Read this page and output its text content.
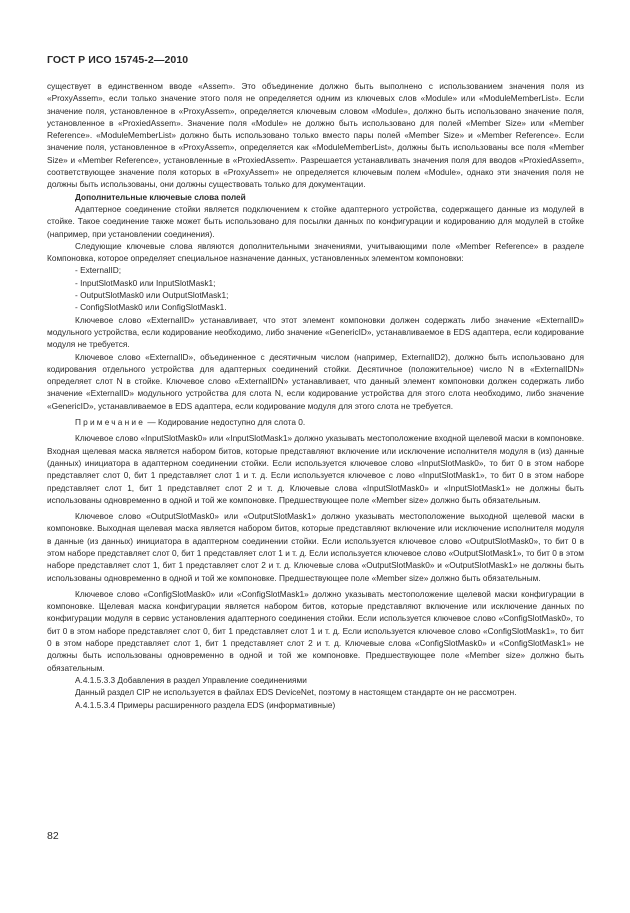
ГОСТ Р ИСО 15745-2—2010

существует в единственном вводе «Assem». Это объединение должно быть выполнено с использованием значения поля из «ProxyAssem», если только значение этого поля не определяется одним из ключевых слов «Module» или «ModuleMemberList». Если значение поля, установленное в «ProxyAssem», определяется ключевым словом «Module», должно быть использовано значение поля, установленное в «ProxiedAssem». Значение поля «Module» не должно быть использовано для полей «Member Size» или «Member Reference». «ModuleMemberList» должно быть использовано только вместо пары полей «Member Size» и «Member Reference». Если значение поля, установленное в «ProxyAssem», определяется как «ModuleMemberList», должны быть использованы все поля «Member Size» и «Member Reference», установленные в «ProxiedAssem». Разрешается устанавливать значения поля для вводов «ProxiedAssem», соответствующее значение поля которых в «ProxyAssem» не определяется ключевым полем «Module», однако эти значения поля не должны быть использованы, они должны существовать только для документации.

Дополнительные ключевые слова полей

Адаптерное соединение стойки является подключением к стойке адаптерного устройства, содержащего данные из модулей в стойке. Такое соединение также может быть использовано для посылки данных по конфигурации и кодированию для модулей в стойке (например, при установлении соединения).

Следующие ключевые слова являются дополнительными значениями, учитывающими поле «Member Reference» в разделе Компоновка, которое определяет специальное назначение данных, установленных элементом компоновки:

- ExternalID;

- InputSlotMask0 или InputSlotMask1;

- OutputSlotMask0 или OutputSlotMask1;

- ConfigSlotMask0 или ConfigSlotMask1.

Ключевое слово «ExternalID» устанавливает, что этот элемент компоновки должен содержать либо значение «ExternalID» модульного устройства, если кодирование необходимо, либо значение «GenericID», устанавливаемое в EDS адаптера, если кодирование модуля не требуется.

Ключевое слово «ExternalID», объединенное с десятичным числом (например, ExternalID2), должно быть использовано для кодирования отдельного устройства для адаптерных соединений стойки. Десятичное (положительное) число N в «ExternalIDN» определяет слот N в стойке. Ключевое слово «ExternalIDN» устанавливает, что данный элемент компоновки должен содержать либо значение «ExternalID» модульного устройства для слота N, если кодирование устройства для этого слота необходимо, либо значение «GenericID», устанавливаемое в EDS адаптера, если кодирование модуля для этого слота не требуется.

Примечание — Кодирование недоступно для слота 0.

Ключевое слово «InputSlotMask0» или «InputSlotMask1» должно указывать местоположение входной щелевой маски в компоновке. Входная щелевая маска является набором битов, которые представляют включение или исключение исполнителя модуля в (из) данные (данных) инициатора в адаптерном соединении стойки. Если используется ключевое слово «InputSlotMask0», то бит 0 в этом наборе представляет слот 0, бит 1 представляет слот 1 и т. д. Если используется ключевое с лово «InputSlotMask1», то бит 0 в этом наборе представляет слот 1, бит 1 представляет слот 2 и т. д. Ключевые слова «InputSlotMask0» и «InputSlotMask1» не должны быть использованы одновременно в одной и той же компоновке. Предшествующее поле «Member size» должно быть обязательным.

Ключевое слово «OutputSlotMask0» или «OutputSlotMask1» должно указывать местоположение выходной щелевой маски в компоновке. Выходная щелевая маска является набором битов, которые представляют включение или исключение исполнителя модуля в данные (из данных) инициатора в адаптерном соединении стойки. Если используется ключевое слово «OutputSlotMask0», то бит 0 в этом наборе представляет слот 0, бит 1 представляет слот 1 и т. д. Если используется ключевое слово «OutputSlotMask1», то бит 0 в этом наборе представляет слот 1, бит 1 представляет слот 2 и т. д. Ключевые слова «OutputSlotMask0» и «OutputSlotMask1» не должны быть использованы одновременно в одной и той же компоновке. Предшествующее поле «Member size» должно быть обязательным.

Ключевое слово «ConfigSlotMask0» или «ConfigSlotMask1» должно указывать местоположение щелевой маски конфигурации в компоновке. Щелевая маска конфигурации является набором битов, которые представляют включение или исключение данных по конфигурации модуля в сервис установления адаптерного соединения стойки. Если используется ключевое слово «ConfigSlotMask0», то бит 0 в этом наборе представляет слот 0, бит 1 представляет слот 1 и т. д. Если используется ключевое слово «ConfigSlotMask1», то бит 0 в этом наборе представляет слот 1, бит 1 представляет слот 2 и т. д. Ключевые слова «ConfigSlotMask0» и «ConfigSlotMask1» не должны быть использованы одновременно в одной и той же компоновке. Предшествующее поле «Member size» должно быть обязательным.

А.4.1.5.3.3 Добавления в раздел Управление соединениями

Данный раздел CIP не используется в файлах EDS DeviceNet, поэтому в настоящем стандарте он не рассмотрен.

А.4.1.5.3.4 Примеры расширенного раздела EDS (информативные)

82
